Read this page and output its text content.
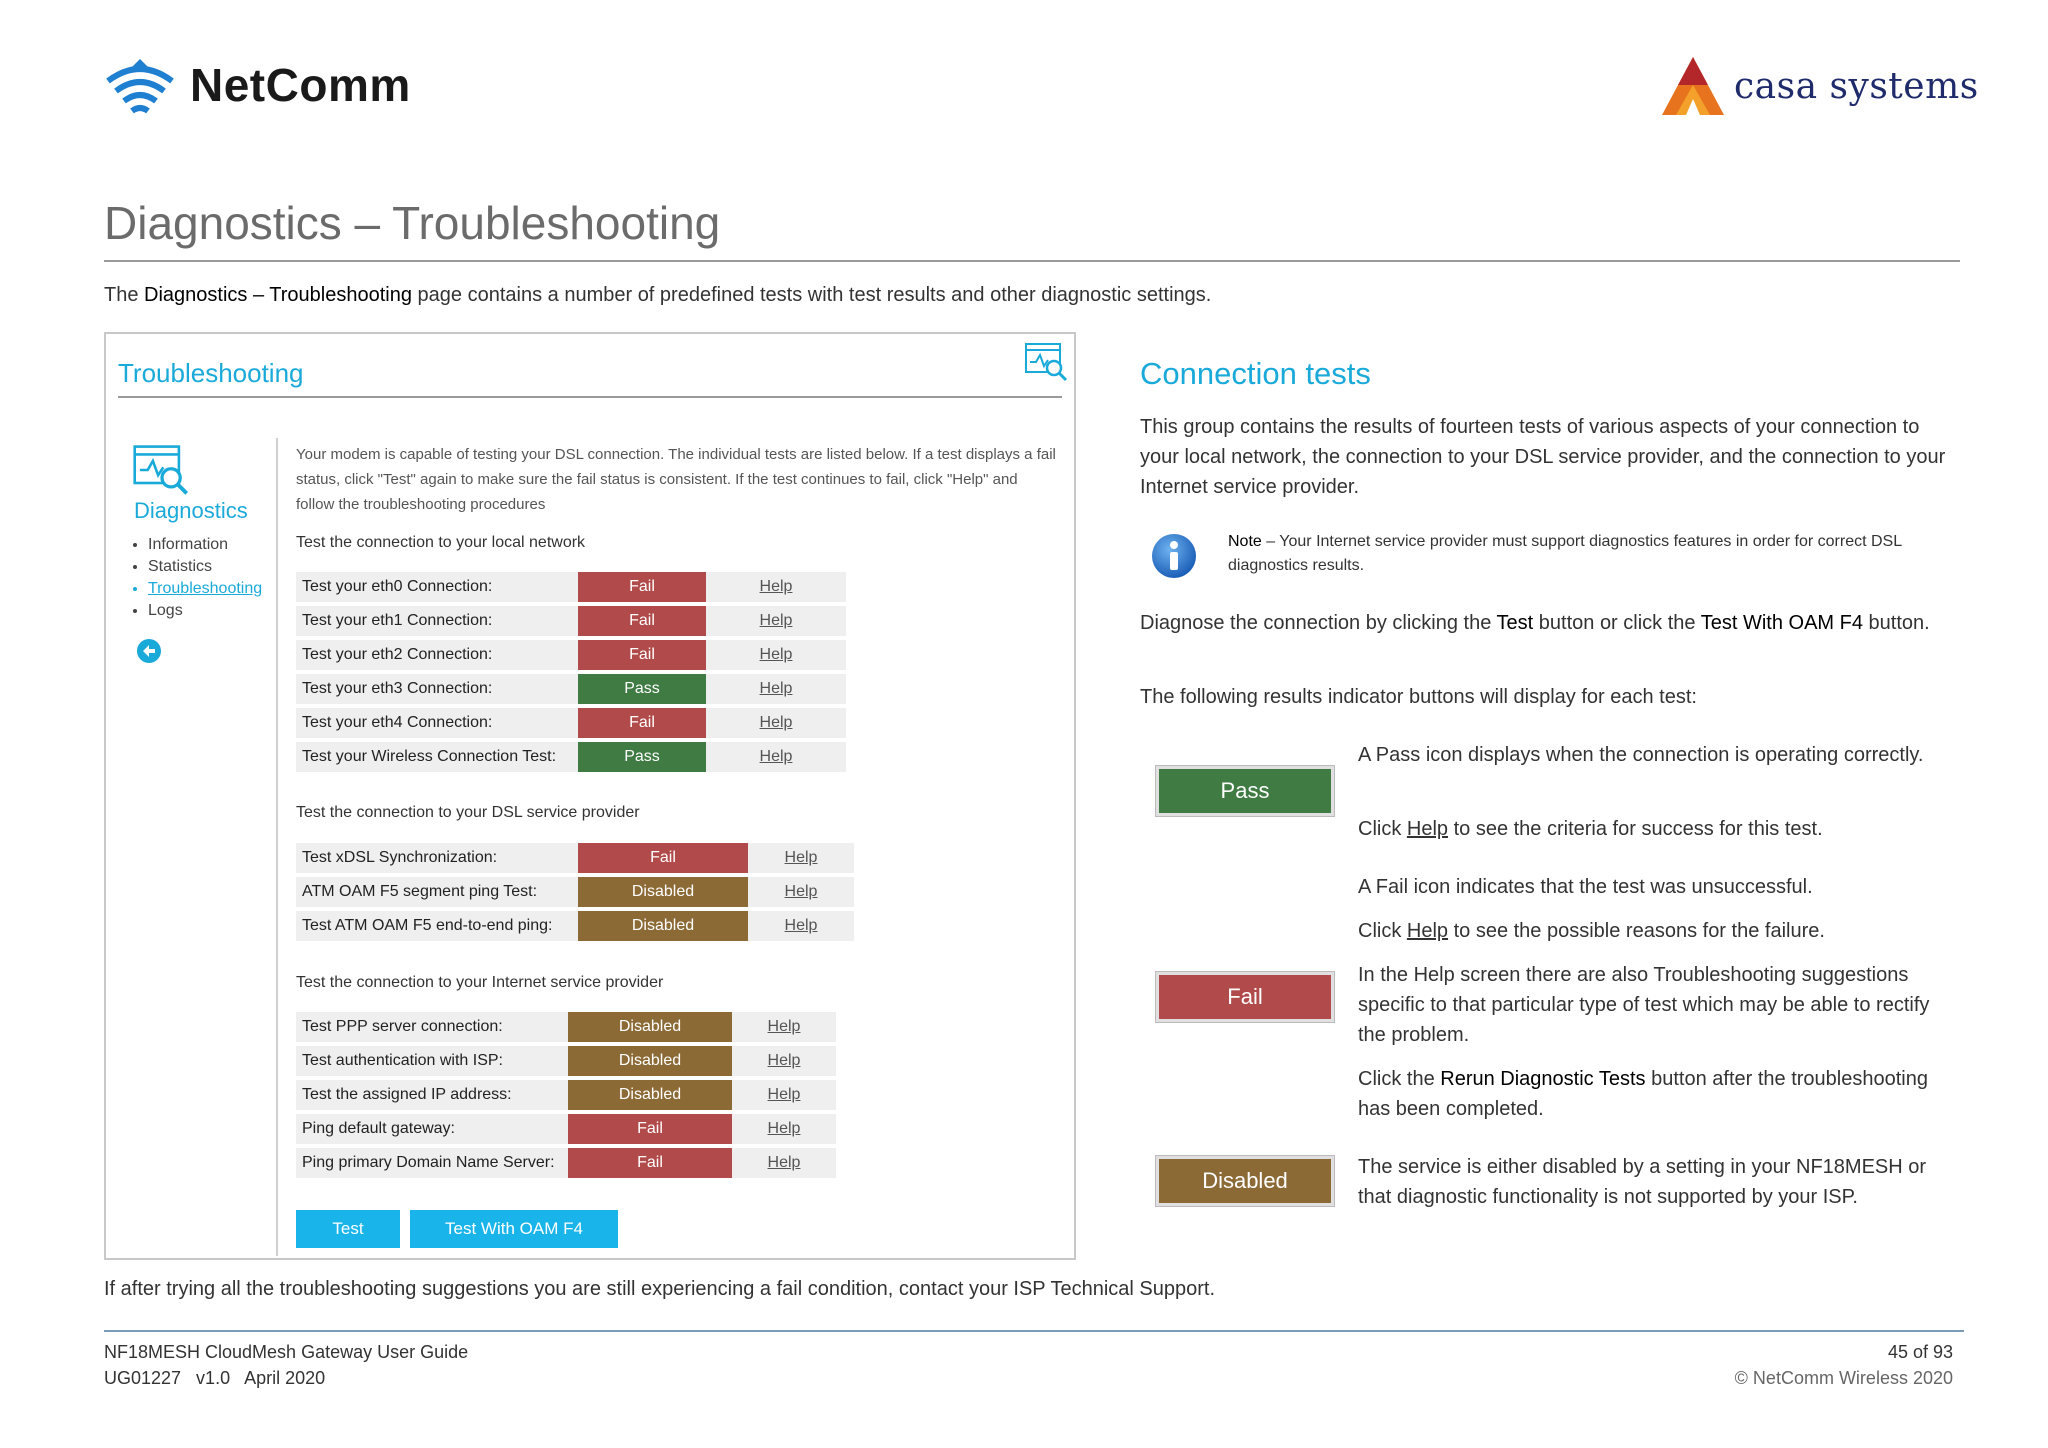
NetComm	casa systems
Diagnostics – Troubleshooting
The Diagnostics – Troubleshooting page contains a number of predefined tests with test results and other diagnostic settings.
Troubleshooting
Diagnostics
• Information
• Statistics
• Troubleshooting
• Logs
Your modem is capable of testing your DSL connection. The individual tests are listed below. If a test displays a fail status, click "Test" again to make sure the fail status is consistent. If the test continues to fail, click "Help" and follow the troubleshooting procedures
Test the connection to your local network
Test your eth0 Connection:	Fail	Help
Test your eth1 Connection:	Fail	Help
Test your eth2 Connection:	Fail	Help
Test your eth3 Connection:	Pass	Help
Test your eth4 Connection:	Fail	Help
Test your Wireless Connection Test:	Pass	Help
Test the connection to your DSL service provider
Test xDSL Synchronization:	Fail	Help
ATM OAM F5 segment ping Test:	Disabled	Help
Test ATM OAM F5 end-to-end ping:	Disabled	Help
Test the connection to your Internet service provider
Test PPP server connection:	Disabled	Help
Test authentication with ISP:	Disabled	Help
Test the assigned IP address:	Disabled	Help
Ping default gateway:	Fail	Help
Ping primary Domain Name Server:	Fail	Help
Test	Test With OAM F4
Connection tests
This group contains the results of fourteen tests of various aspects of your connection to your local network, the connection to your DSL service provider, and the connection to your Internet service provider.
Note – Your Internet service provider must support diagnostics features in order for correct DSL diagnostics results.
Diagnose the connection by clicking the Test button or click the Test With OAM F4 button.
The following results indicator buttons will display for each test:
Pass
Fail
Disabled
A Pass icon displays when the connection is operating correctly.
Click Help to see the criteria for success for this test.
A Fail icon indicates that the test was unsuccessful.
Click Help to see the possible reasons for the failure.
In the Help screen there are also Troubleshooting suggestions specific to that particular type of test which may be able to rectify the problem.
Click the Rerun Diagnostic Tests button after the troubleshooting has been completed.
The service is either disabled by a setting in your NF18MESH or that diagnostic functionality is not supported by your ISP.
If after trying all the troubleshooting suggestions you are still experiencing a fail condition, contact your ISP Technical Support.
NF18MESH CloudMesh Gateway User Guide
UG01227   v1.0   April 2020
45 of 93
© NetComm Wireless 2020
